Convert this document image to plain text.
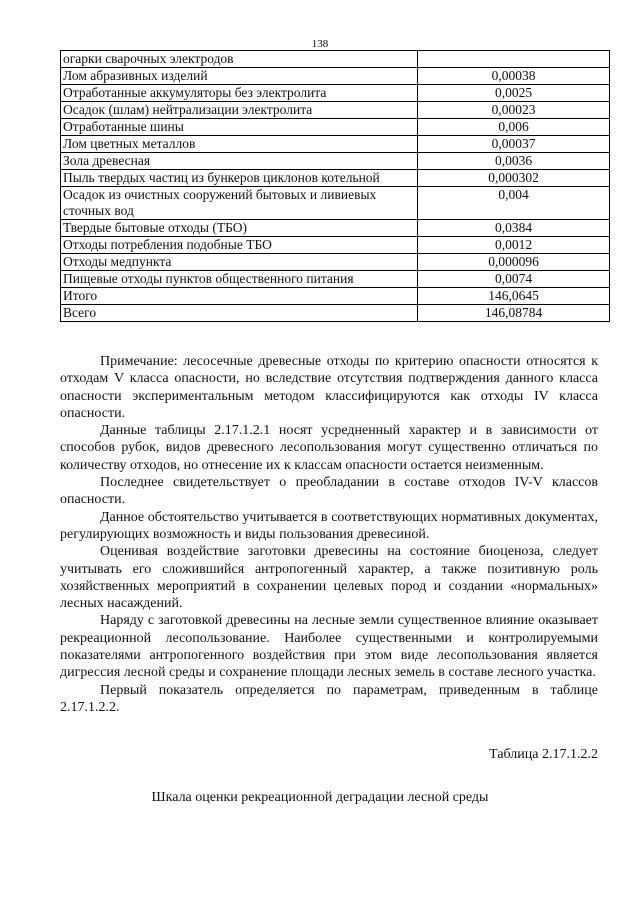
138
огарки сварочных электродов	
Лом абразивных изделий	0,00038
Отработанные аккумуляторы без электролита	0,0025
Осадок (шлам) нейтрализации электролита	0,00023
Отработанные шины	0,006
Лом цветных металлов	0,00037
Зола древесная	0,0036
Пыль твердых частиц из бункеров циклонов котельной	0,000302
Осадок из очистных сооружений бытовых и ливиевых сточных вод	0,004
Твердые бытовые отходы (ТБО)	0,0384
Отходы потребления подобные ТБО	0,0012
Отходы медпункта	0,000096
Пищевые отходы пунктов общественного питания	0,0074
Итого	146,0645
Всего	146,08784

Примечание: лесосечные древесные отходы по критерию опасности относятся к отходам V класса опасности, но вследствие отсутствия подтверждения данного класса опасности экспериментальным методом классифицируются как отходы IV класса опасности.

Данные таблицы 2.17.1.2.1 носят усредненный характер и в зависимости от способов рубок, видов древесного лесопользования могут существенно отличаться по количеству отходов, но отнесение их к классам опасности остается неизменным.

Последнее свидетельствует о преобладании в составе отходов IV-V классов опасности.

Данное обстоятельство учитывается в соответствующих нормативных документах, регулирующих возможность и виды пользования древесиной.

Оценивая воздействие заготовки древесины на состояние биоценоза, следует учитывать его сложившийся антропогенный характер, а также позитивную роль хозяйственных мероприятий в сохранении целевых пород и создании «нормальных» лесных насаждений.

Наряду с заготовкой древесины на лесные земли существенное влияние оказывает рекреационной лесопользование. Наиболее существенными и контролируемыми показателями антропогенного воздействия при этом виде лесопользования является дигрессия лесной среды и сохранение площади лесных земель в составе лесного участка.

Первый показатель определяется по параметрам, приведенным в таблице 2.17.1.2.2.

Таблица 2.17.1.2.2
Шкала оценки рекреационной деградации лесной среды
